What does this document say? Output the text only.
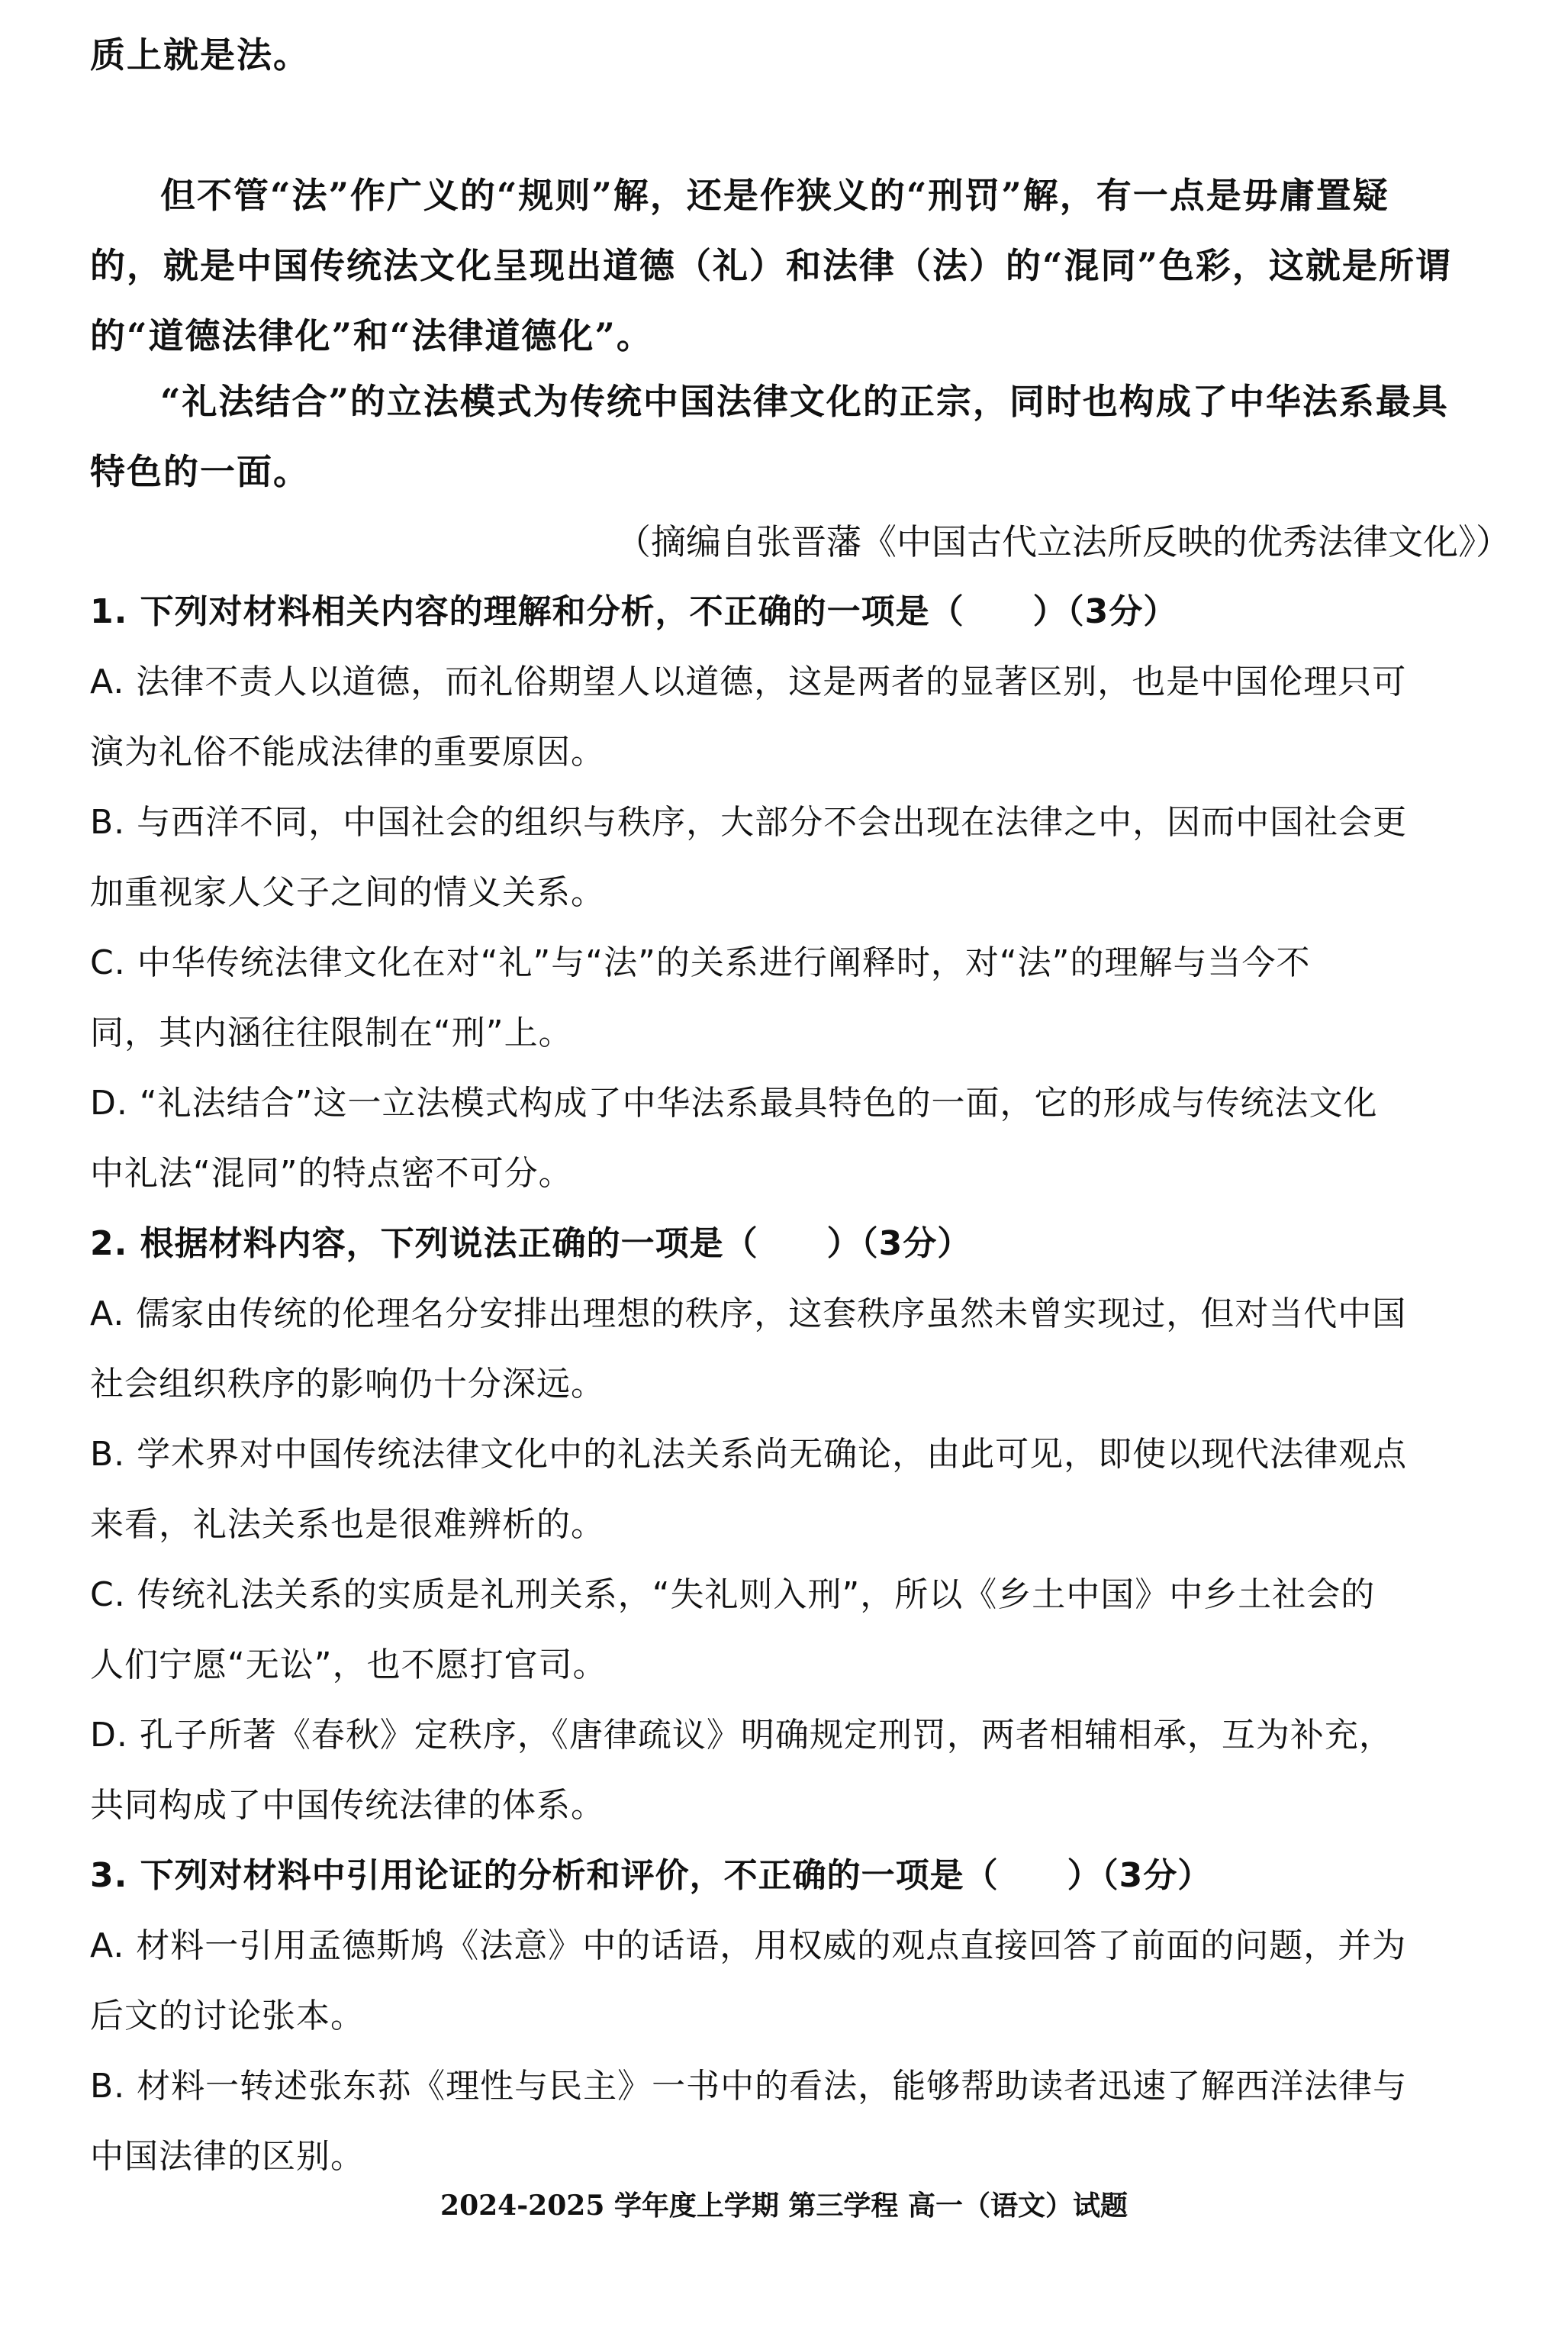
质上就是法。
但不管“法”作广义的“规则”解，还是作狭义的“刑罚”解，有一点是毋庸置疑
的，就是中国传统法文化呈现出道德（礼）和法律（法）的“混同”色彩，这就是所谓
的“道德法律化”和“法律道德化”。
“礼法结合”的立法模式为传统中国法律文化的正宗，同时也构成了中华法系最具
特色的一面。
（摘编自张晋藩《中国古代立法所反映的优秀法律文化》）
1. 下列对材料相关内容的理解和分析，不正确的一项是（　　）（3分）
A. 法律不责人以道德，而礼俗期望人以道德，这是两者的显著区别，也是中国伦理只可
演为礼俗不能成法律的重要原因。
B. 与西洋不同，中国社会的组织与秩序，大部分不会出现在法律之中，因而中国社会更
加重视家人父子之间的情义关系。
C. 中华传统法律文化在对“礼”与“法”的关系进行阐释时，对“法”的理解与当今不
同，其内涵往往限制在“刑”上。
D. “礼法结合”这一立法模式构成了中华法系最具特色的一面，它的形成与传统法文化
中礼法“混同”的特点密不可分。
2. 根据材料内容，下列说法正确的一项是（　　）（3分）
A. 儒家由传统的伦理名分安排出理想的秩序，这套秩序虽然未曾实现过，但对当代中国
社会组织秩序的影响仍十分深远。
B. 学术界对中国传统法律文化中的礼法关系尚无确论，由此可见，即使以现代法律观点
来看，礼法关系也是很难辨析的。
C. 传统礼法关系的实质是礼刑关系，“失礼则入刑”，所以《乡土中国》中乡土社会的
人们宁愿“无讼”，也不愿打官司。
D. 孔子所著《春秋》定秩序，《唐律疏议》明确规定刑罚，两者相辅相承，互为补充，
共同构成了中国传统法律的体系。
3. 下列对材料中引用论证的分析和评价，不正确的一项是（　　）（3分）
A. 材料一引用孟德斯鸠《法意》中的话语，用权威的观点直接回答了前面的问题，并为
后文的讨论张本。
B. 材料一转述张东荪《理性与民主》一书中的看法，能够帮助读者迅速了解西洋法律与
中国法律的区别。
2024-2025 学年度上学期 第三学程 高一（语文）试题
